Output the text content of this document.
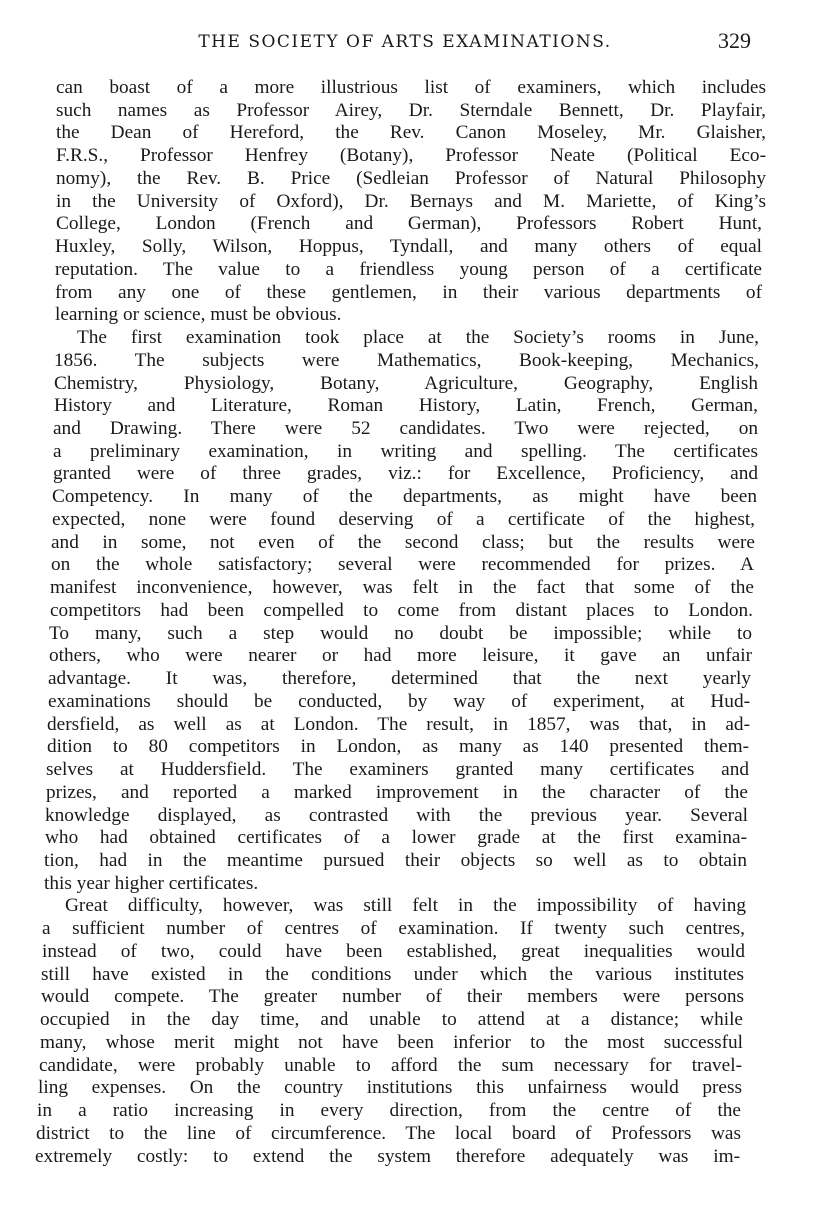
THE SOCIETY OF ARTS EXAMINATIONS.	329
can boast of a more illustrious list of examiners, which includes
such names as Professor Airey, Dr. Sterndale Bennett, Dr. Playfair,
the Dean of Hereford, the Rev. Canon Moseley, Mr. Glaisher,
F.R.S., Professor Henfrey (Botany), Professor Neate (Political Eco-
nomy), the Rev. B. Price (Sedleian Professor of Natural Philosophy
in the University of Oxford), Dr. Bernays and M. Mariette, of King’s
College, London (French and German), Professors Robert Hunt,
Huxley, Solly, Wilson, Hoppus, Tyndall, and many others of equal
reputation. The value to a friendless young person of a certificate
from any one of these gentlemen, in their various departments of
learning or science, must be obvious.
The first examination took place at the Society’s rooms in June,
1856. The subjects were Mathematics, Book-keeping, Mechanics,
Chemistry, Physiology, Botany, Agriculture, Geography, English
History and Literature, Roman History, Latin, French, German,
and Drawing. There were 52 candidates. Two were rejected, on
a preliminary examination, in writing and spelling. The certificates
granted were of three grades, viz.: for Excellence, Proficiency, and
Competency. In many of the departments, as might have been
expected, none were found deserving of a certificate of the highest,
and in some, not even of the second class; but the results were
on the whole satisfactory; several were recommended for prizes. A
manifest inconvenience, however, was felt in the fact that some of the
competitors had been compelled to come from distant places to London.
To many, such a step would no doubt be impossible; while to
others, who were nearer or had more leisure, it gave an unfair
advantage. It was, therefore, determined that the next yearly
examinations should be conducted, by way of experiment, at Hud-
dersfield, as well as at London. The result, in 1857, was that, in ad-
dition to 80 competitors in London, as many as 140 presented them-
selves at Huddersfield. The examiners granted many certificates and
prizes, and reported a marked improvement in the character of the
knowledge displayed, as contrasted with the previous year. Several
who had obtained certificates of a lower grade at the first examina-
tion, had in the meantime pursued their objects so well as to obtain
this year higher certificates.
Great difficulty, however, was still felt in the impossibility of having
a sufficient number of centres of examination. If twenty such centres,
instead of two, could have been established, great inequalities would
still have existed in the conditions under which the various institutes
would compete. The greater number of their members were persons
occupied in the day time, and unable to attend at a distance; while
many, whose merit might not have been inferior to the most successful
candidate, were probably unable to afford the sum necessary for travel-
ling expenses. On the country institutions this unfairness would press
in a ratio increasing in every direction, from the centre of the
district to the line of circumference. The local board of Professors was
extremely costly: to extend the system therefore adequately was im-
